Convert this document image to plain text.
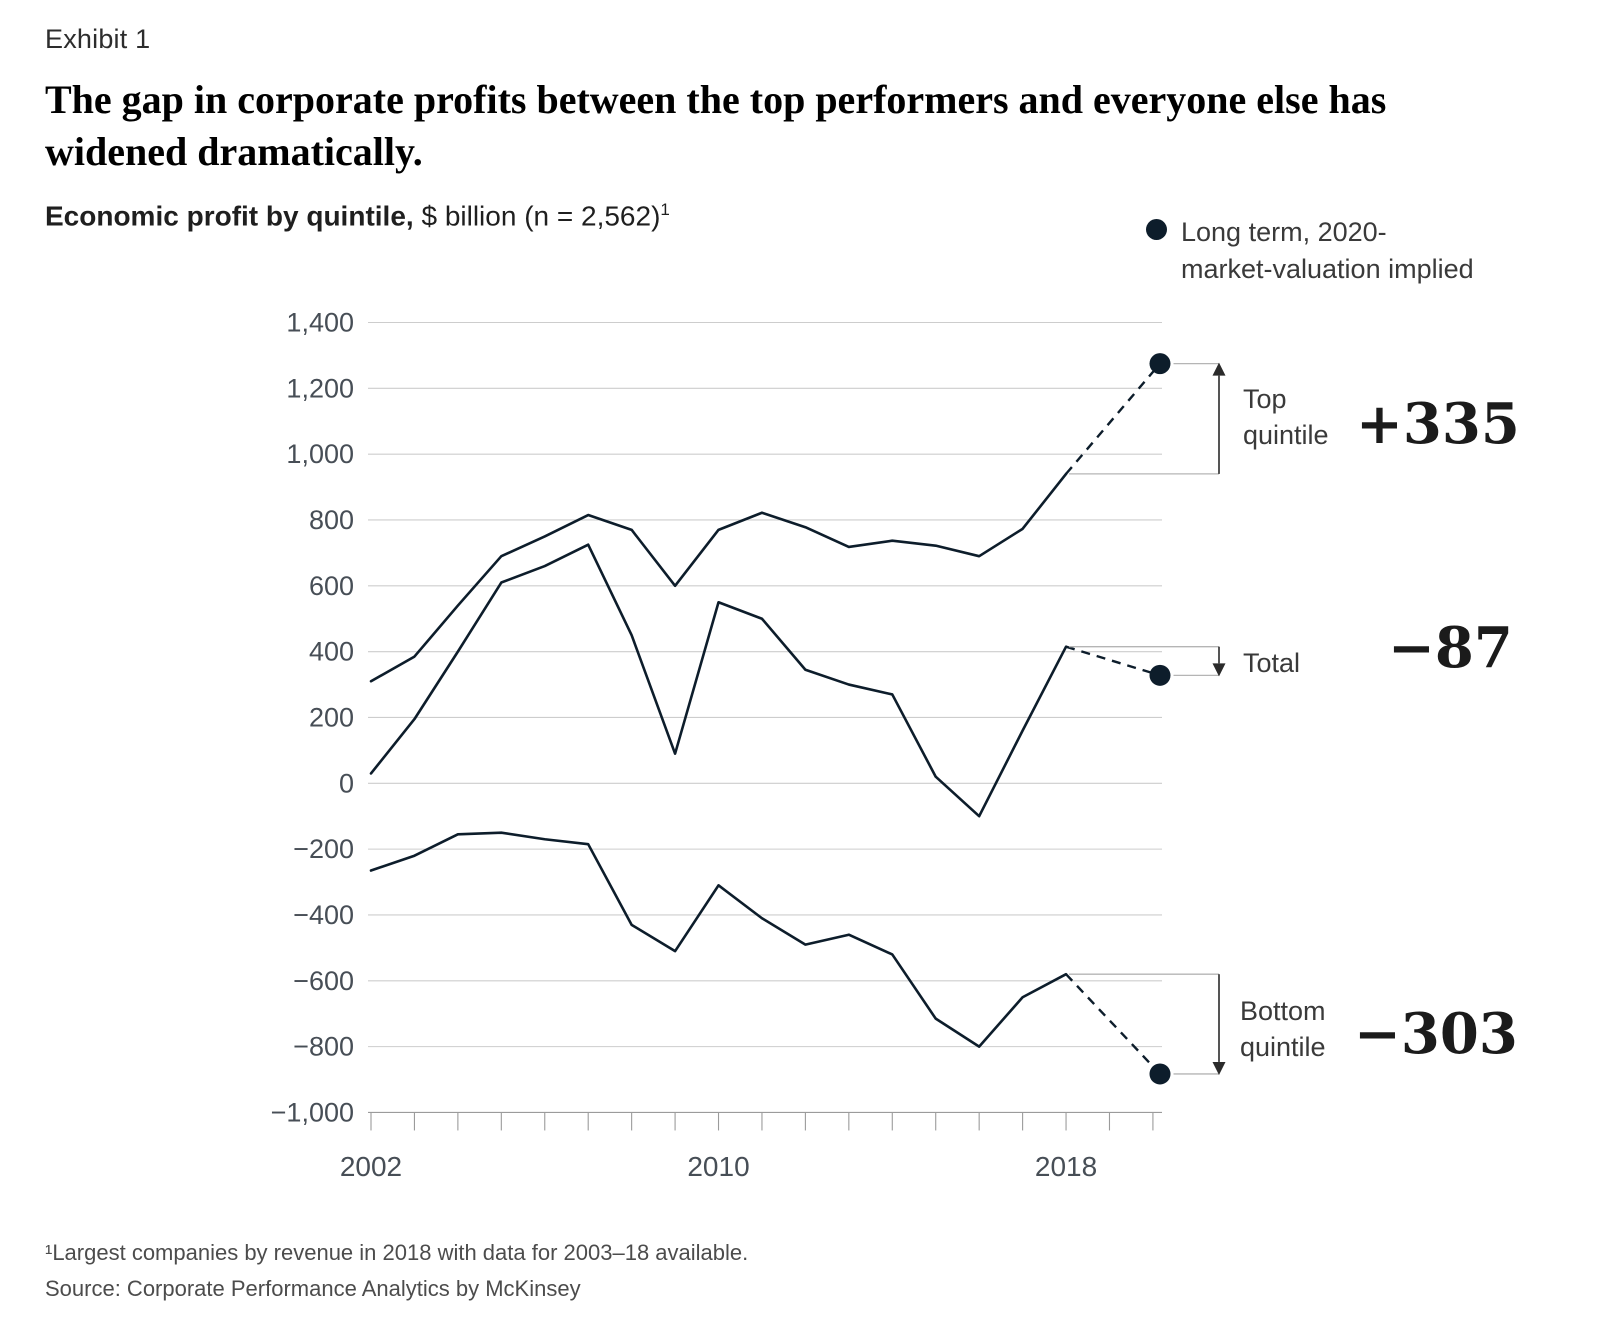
Exhibit 1
The gap in corporate profits between the top performers and everyone else has widened dramatically.
Economic profit by quintile, $ billion (n = 2,562)$^1$
Long term, 2020-
market-valuation implied
1,400
1,200
1,000
800
600
400
200
0
−200
−400
−600
−800
−1,000
2002	2010	2018
Top quintile +335
Total	−87
Bottom quintile −303
¹Largest companies by revenue in 2018 with data for 2003–18 available.
Source: Corporate Performance Analytics by McKinsey
